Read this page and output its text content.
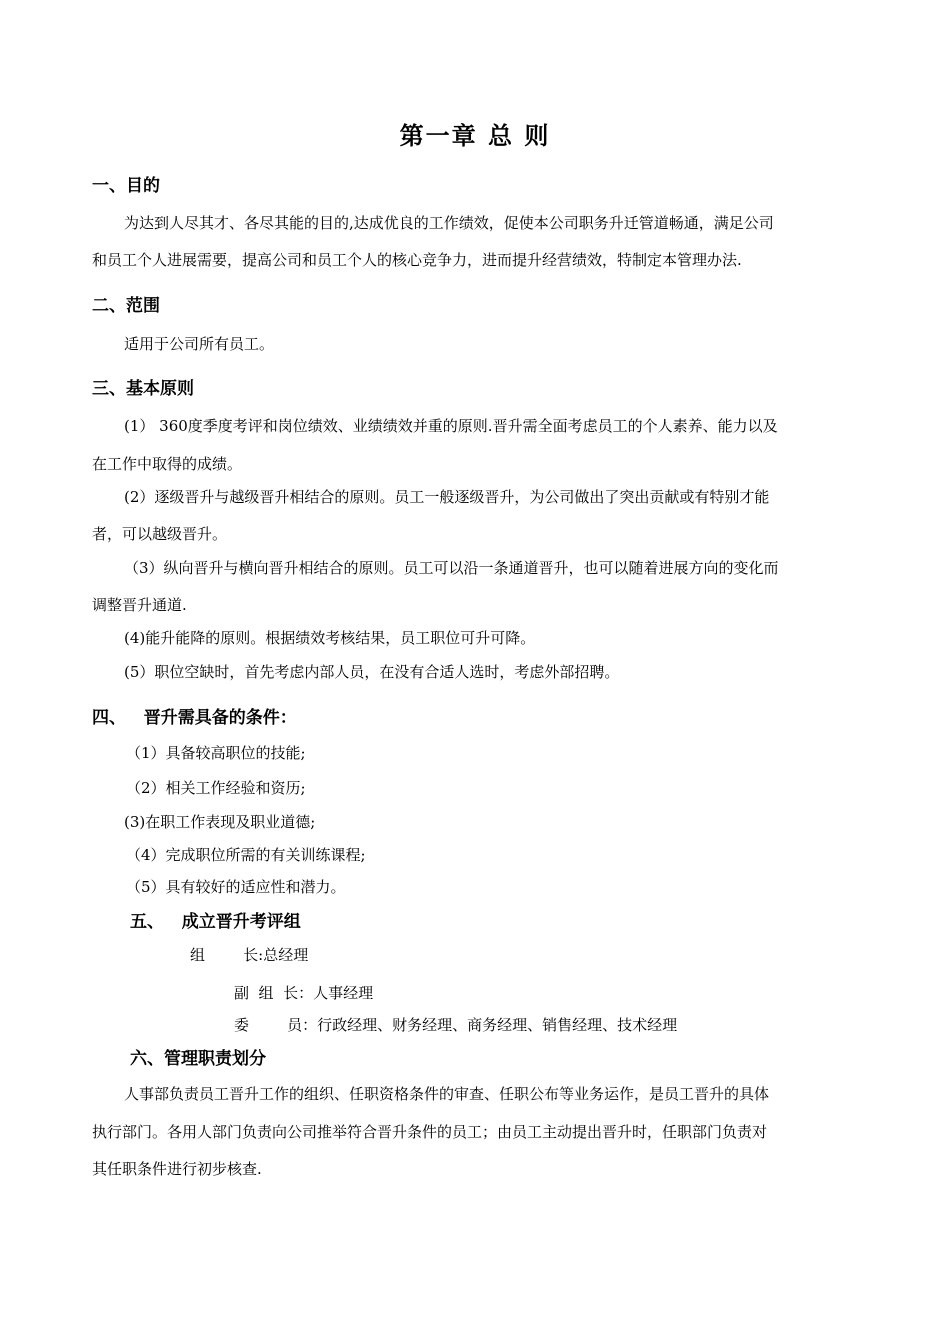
第一章 总 则
一、目的
为达到人尽其才、各尽其能的目的,达成优良的工作绩效，促使本公司职务升迁管道畅通，满足公司
和员工个人进展需要，提高公司和员工个人的核心竞争力，进而提升经营绩效，特制定本管理办法.
二、范围
适用于公司所有员工。
三、基本原则
(1） 360度季度考评和岗位绩效、业绩绩效并重的原则.晋升需全面考虑员工的个人素养、能力以及
在工作中取得的成绩。
(2）逐级晋升与越级晋升相结合的原则。员工一般逐级晋升，为公司做出了突出贡献或有特别才能
者，可以越级晋升。
（3）纵向晋升与横向晋升相结合的原则。员工可以沿一条通道晋升，也可以随着进展方向的变化而
调整晋升通道.
(4)能升能降的原则。根据绩效考核结果，员工职位可升可降。
(5）职位空缺时，首先考虑内部人员，在没有合适人选时，考虑外部招聘。
四、   晋升需具备的条件：
（1）具备较高职位的技能;
（2）相关工作经验和资历;
(3)在职工作表现及职业道德;
（4）完成职位所需的有关训练课程;
（5）具有较好的适应性和潜力。
五、   成立晋升考评组
组        长:总经理
副  组  长：人事经理
委        员：行政经理、财务经理、商务经理、销售经理、技术经理
六、管理职责划分
人事部负责员工晋升工作的组织、任职资格条件的审查、任职公布等业务运作，是员工晋升的具体
执行部门。各用人部门负责向公司推举符合晋升条件的员工；由员工主动提出晋升时，任职部门负责对
其任职条件进行初步核查.
